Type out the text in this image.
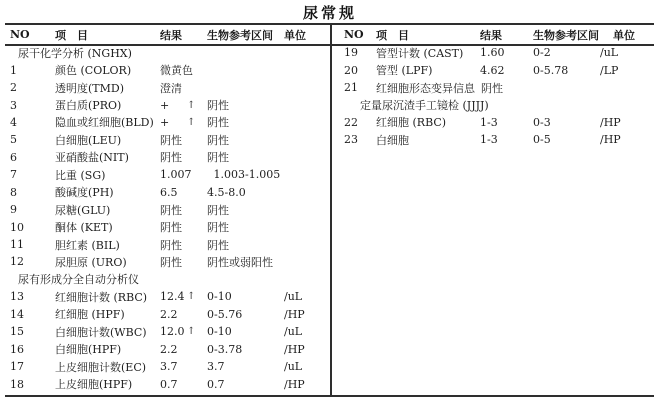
尿常规
NO	项　目	结果 生物参考区间	单位
尿干化学分析 (NGHX)
1	颜色 (COLOR)	微黄色
2	透明度(TMD)	澄清
3	蛋白质(PRO)	+	↑	阴性
4	隐血或红细胞(BLD) +	↑	阴性
5	白细胞(LEU)	阴性 阴性
6	亚硝酸盐(NIT)	阴性 阴性
7	比重 (SG)	1.007 1.003-1.005
8	酸碱度(PH)	6.5	4.5-8.0
9	尿糖(GLU)	阴性 阴性
10	酮体 (KET)	阴性 阴性
11	胆红素 (BIL)	阴性 阴性
12	尿胆原 (URO)	阴性 阴性或弱阳性
尿有形成分全自动分析仪
13	红细胞计数 (RBC)	12.4 ↑	0-10	/uL
14	红细胞 (HPF)	2.2	0-5.76	/HP
15	白细胞计数(WBC)	12.0 ↑	0-10	/uL
16	白细胞(HPF)	2.2	0-3.78	/HP
17	上皮细胞计数(EC)	3.7	3.7	/uL
18	上皮细胞(HPF)	0.7	0.7	/HP
NO	项　目	结果	生物参考区间	单位
19	管型计数 (CAST)	1.60	0-2	/uL
20	管型 (LPF)	4.62	0-5.78	/LP
21	红细胞形态变异信息 阴性
定量尿沉渣手工镜检 (JJJJ)
22	红细胞 (RBC)	1-3	0-3	/HP
23	白细胞	1-3	0-5	/HP
